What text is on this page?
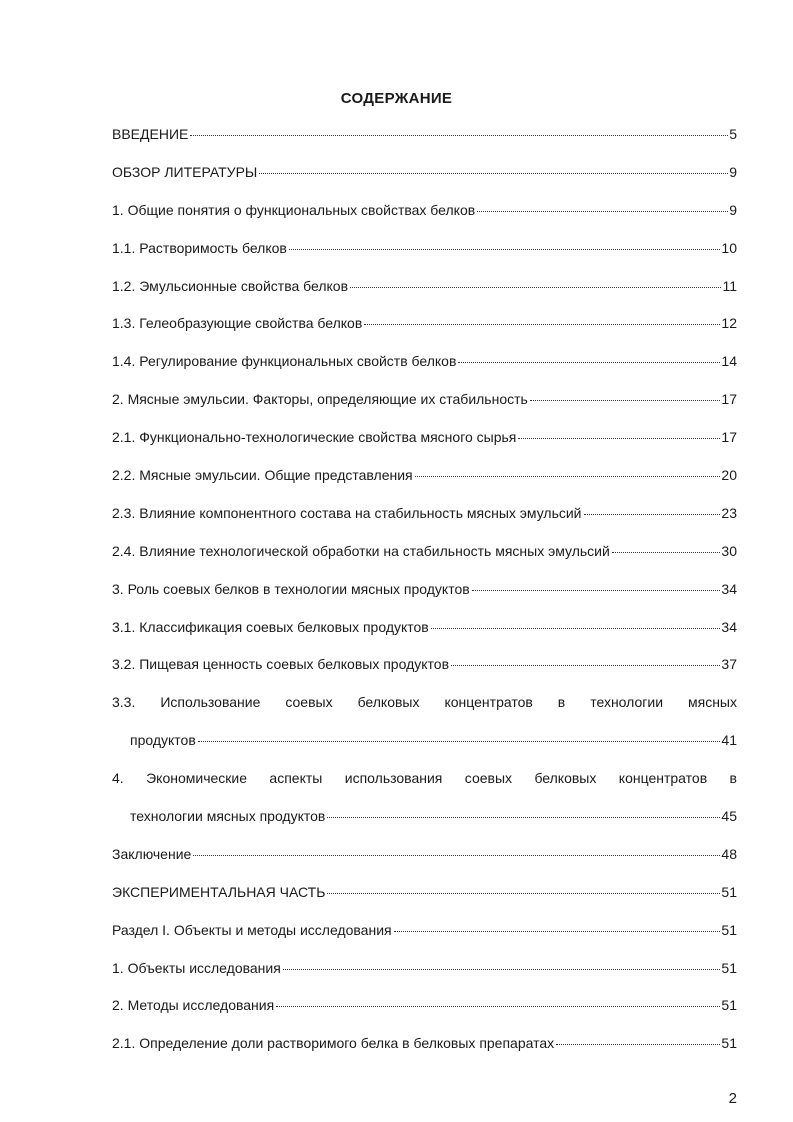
СОДЕРЖАНИЕ
ВВЕДЕНИЕ	5
ОБЗОР ЛИТЕРАТУРЫ	9
1. Общие понятия о функциональных свойствах белков	9
1.1. Растворимость белков	10
1.2. Эмульсионные свойства белков	11
1.3. Гелеобразующие свойства белков	12
1.4. Регулирование функциональных свойств белков	14
2. Мясные эмульсии. Факторы, определяющие их стабильность	17
2.1. Функционально-технологические свойства мясного сырья	17
2.2. Мясные эмульсии. Общие представления	20
2.3. Влияние компонентного состава на стабильность мясных эмульсий	23
2.4. Влияние технологической обработки на стабильность мясных эмульсий	30
3. Роль соевых белков в технологии мясных продуктов	34
3.1. Классификация соевых белковых продуктов	34
3.2. Пищевая ценность соевых белковых продуктов	37
3.3. Использование соевых белковых концентратов в технологии мясных
продуктов	41
4. Экономические аспекты использования соевых белковых концентратов в
технологии мясных продуктов	45
Заключение	48
ЭКСПЕРИМЕНТАЛЬНАЯ ЧАСТЬ	51
Раздел I. Объекты и методы исследования	51
1. Объекты исследования	51
2. Методы исследования	51
2.1. Определение доли растворимого белка в белковых препаратах	51
2
